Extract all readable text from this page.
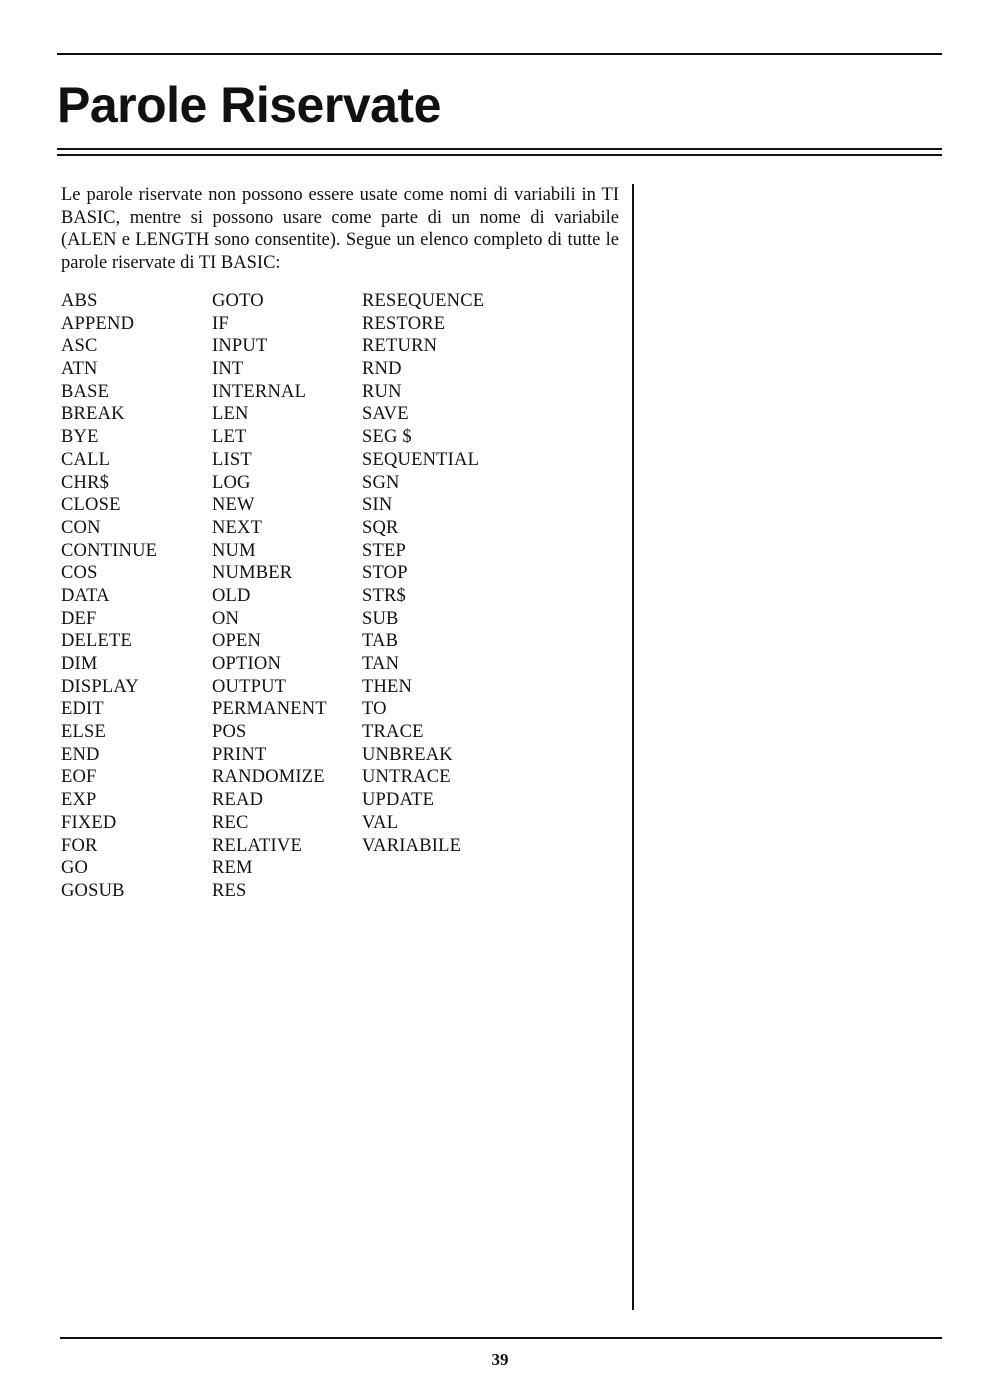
Parole Riservate

Le parole riservate non possono essere usate come nomi di variabili in TI BASIC, mentre si possono usare come parte di un nome di variabile (ALEN e LENGTH sono consentite). Segue un elenco completo di tutte le parole riservate di TI BASIC:

ABS
APPEND
ASC
ATN
BASE
BREAK
BYE
CALL
CHR$
CLOSE
CON
CONTINUE
COS
DATA
DEF
DELETE
DIM
DISPLAY
EDIT
ELSE
END
EOF
EXP
FIXED
FOR
GO
GOSUB
GOTO
IF
INPUT
INT
INTERNAL
LEN
LET
LIST
LOG
NEW
NEXT
NUM
NUMBER
OLD
ON
OPEN
OPTION
OUTPUT
PERMANENT
POS
PRINT
RANDOMIZE
READ
REC
RELATIVE
REM
RES
RESEQUENCE
RESTORE
RETURN
RND
RUN
SAVE
SEG $
SEQUENTIAL
SGN
SIN
SQR
STEP
STOP
STR$
SUB
TAB
TAN
THEN
TO
TRACE
UNBREAK
UNTRACE
UPDATE
VAL
VARIABILE
39
